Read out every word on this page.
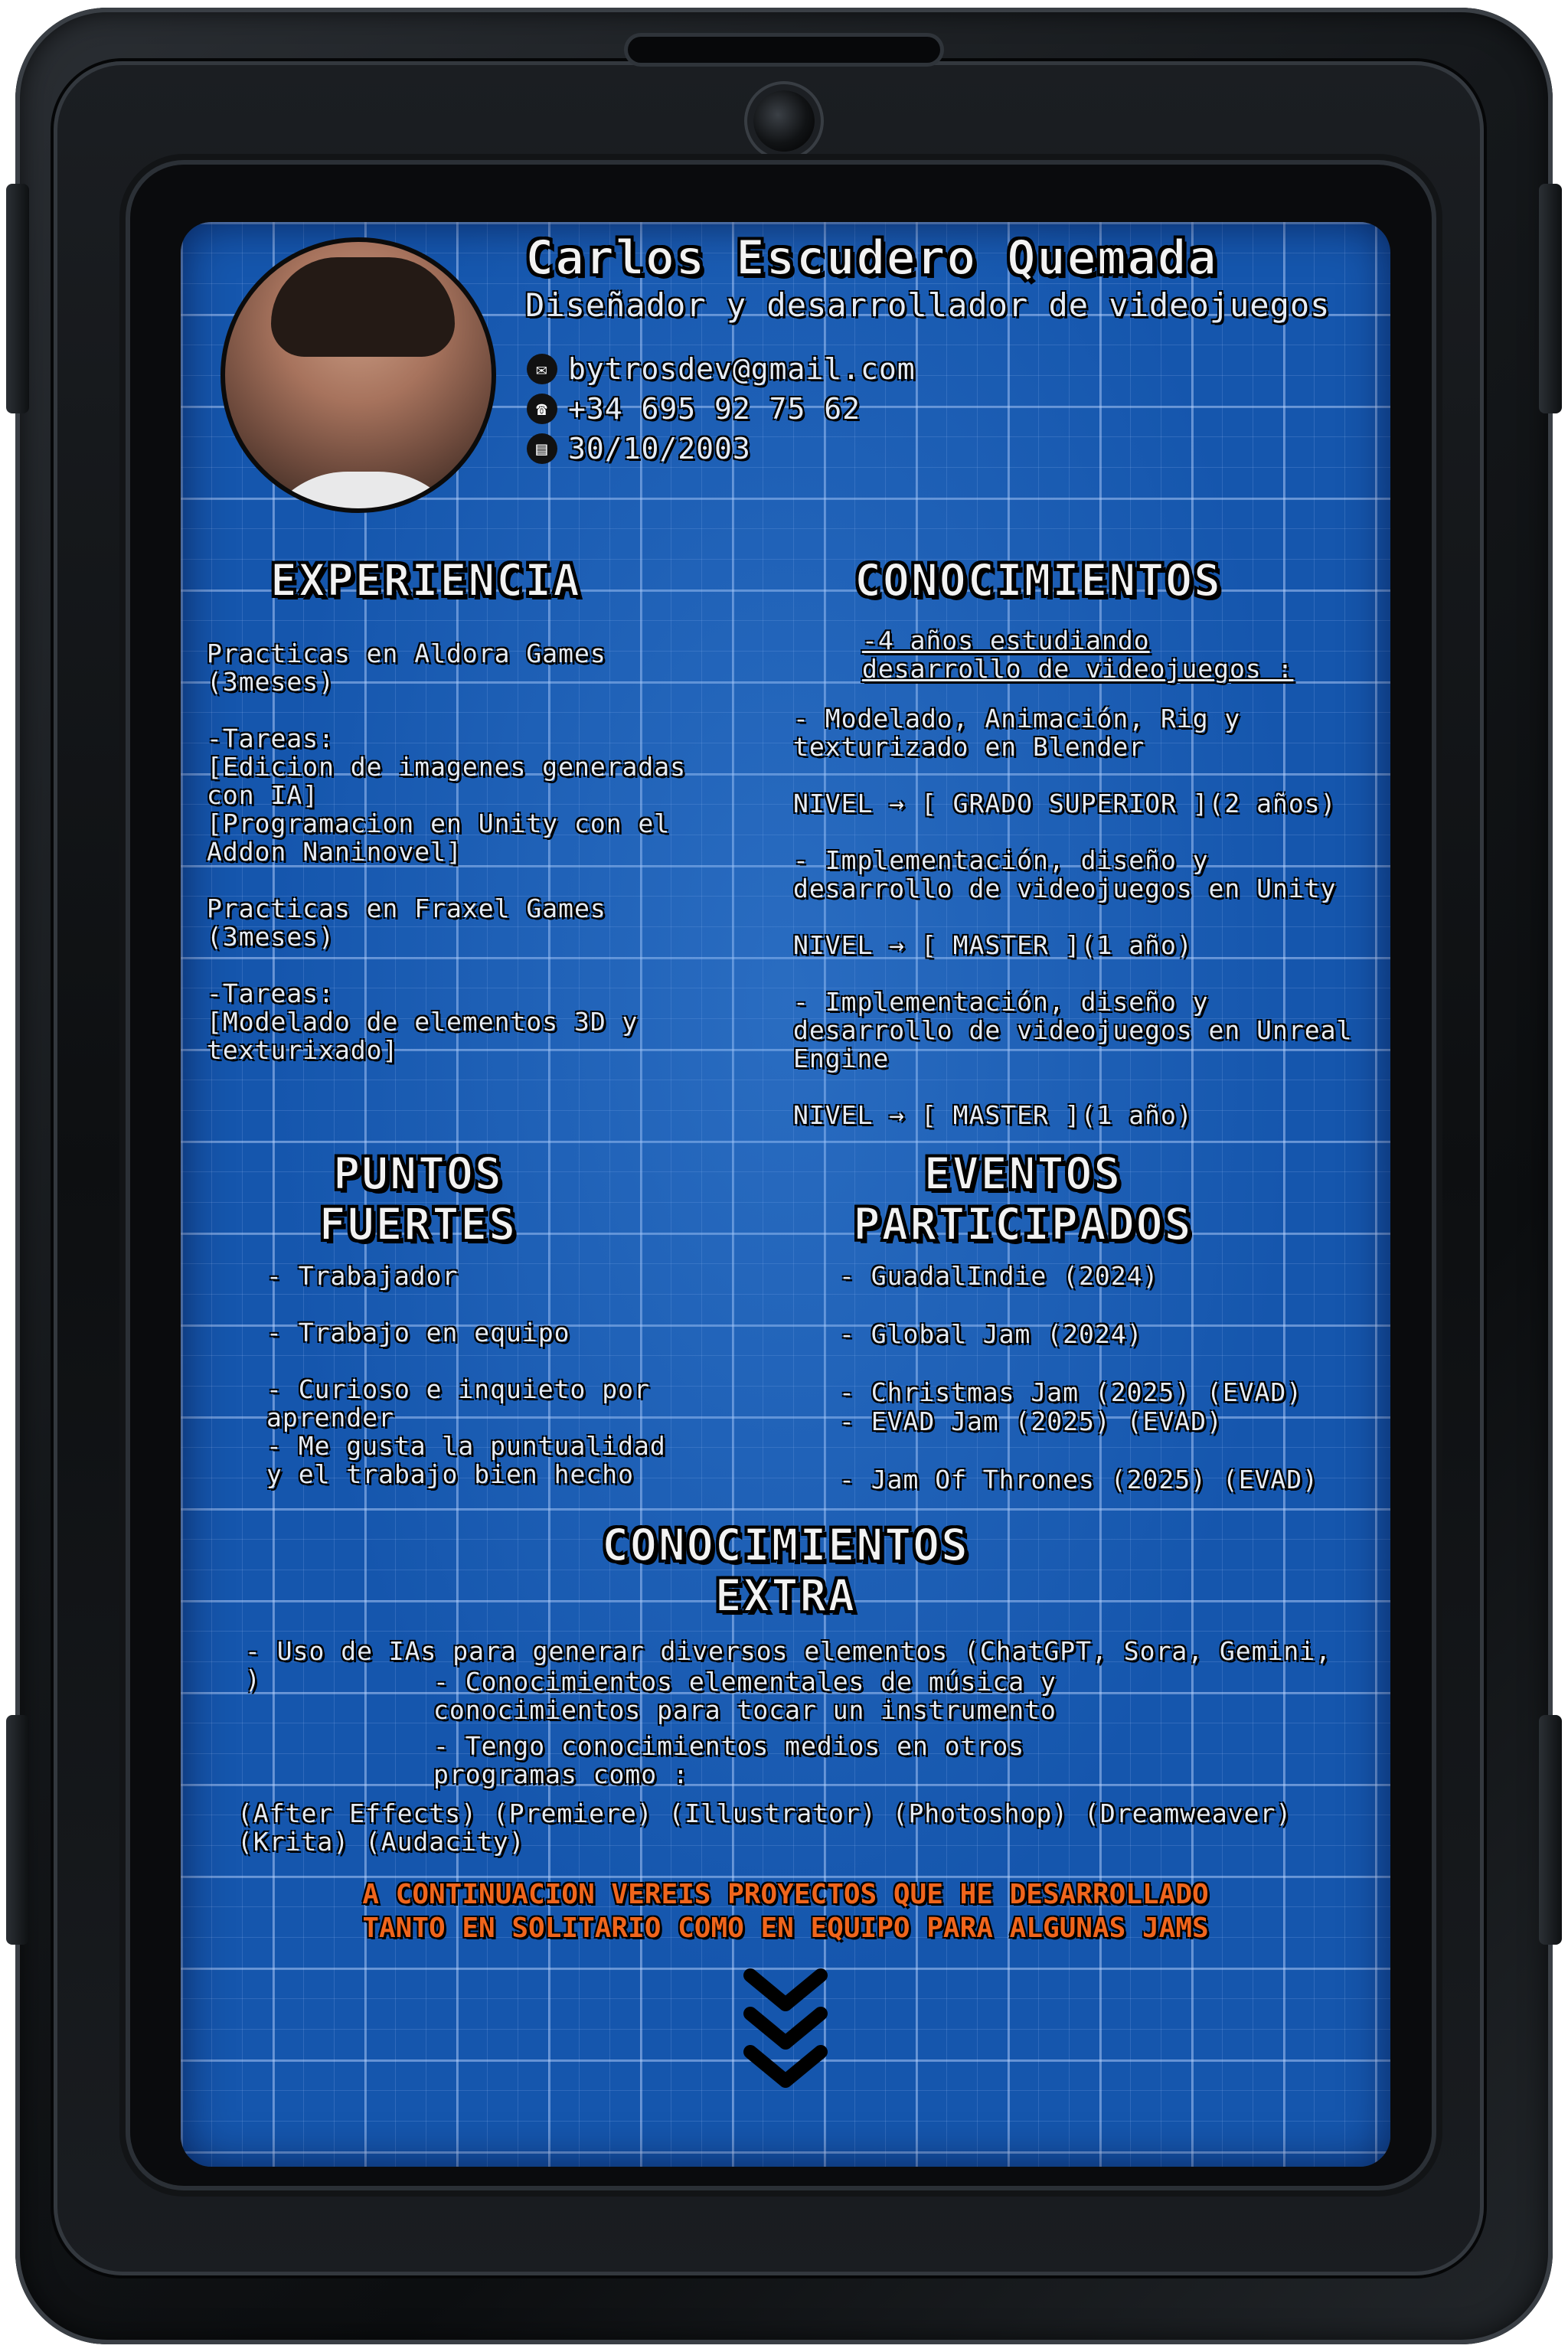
Carlos Escudero Quemada
Diseñador y desarrollador de videojuegos
✉ bytrosdev@gmail.com
☎ +34 695 92 75 62
▤ 30/10/2003
EXPERIENCIA
Practicas en Aldora Games
(3meses)

-Tareas:
[Edicion de imagenes generadas
con IA]
[Programacion en Unity con el
Addon Naninovel]

Practicas en Fraxel Games
(3meses)

-Tareas:
[Modelado de elementos 3D y
texturixado]
CONOCIMIENTOS
-4 años estudiando
desarrollo de videojuegos :
- Modelado, Animación, Rig y
texturizado en Blender

NIVEL → [ GRADO SUPERIOR ](2 años)

- Implementación, diseño y
desarrollo de videojuegos en Unity

NIVEL → [ MASTER ](1 año)

- Implementación, diseño y
desarrollo de videojuegos en Unreal
Engine

NIVEL → [ MASTER ](1 año)
PUNTOS
FUERTES
- Trabajador

- Trabajo en equipo

- Curioso e inquieto por
aprender
- Me gusta la puntualidad
y el trabajo bien hecho
EVENTOS
PARTICIPADOS
- GuadalIndie (2024)

- Global Jam (2024)

- Christmas Jam (2025) (EVAD)
- EVAD Jam (2025) (EVAD)

- Jam Of Thrones (2025) (EVAD)
CONOCIMIENTOS
EXTRA
- Uso de IAs para generar diversos elementos (ChatGPT, Sora, Gemini,
)	- Conocimientos elementales de música y
conocimientos para tocar un instrumento
- Tengo conocimientos medios en otros
programas como :
(After Effects) (Premiere) (Illustrator) (Photoshop) (Dreamweaver)
(Krita) (Audacity)
A CONTINUACION VEREIS PROYECTOS QUE HE DESARROLLADO
TANTO EN SOLITARIO COMO EN EQUIPO PARA ALGUNAS JAMS
